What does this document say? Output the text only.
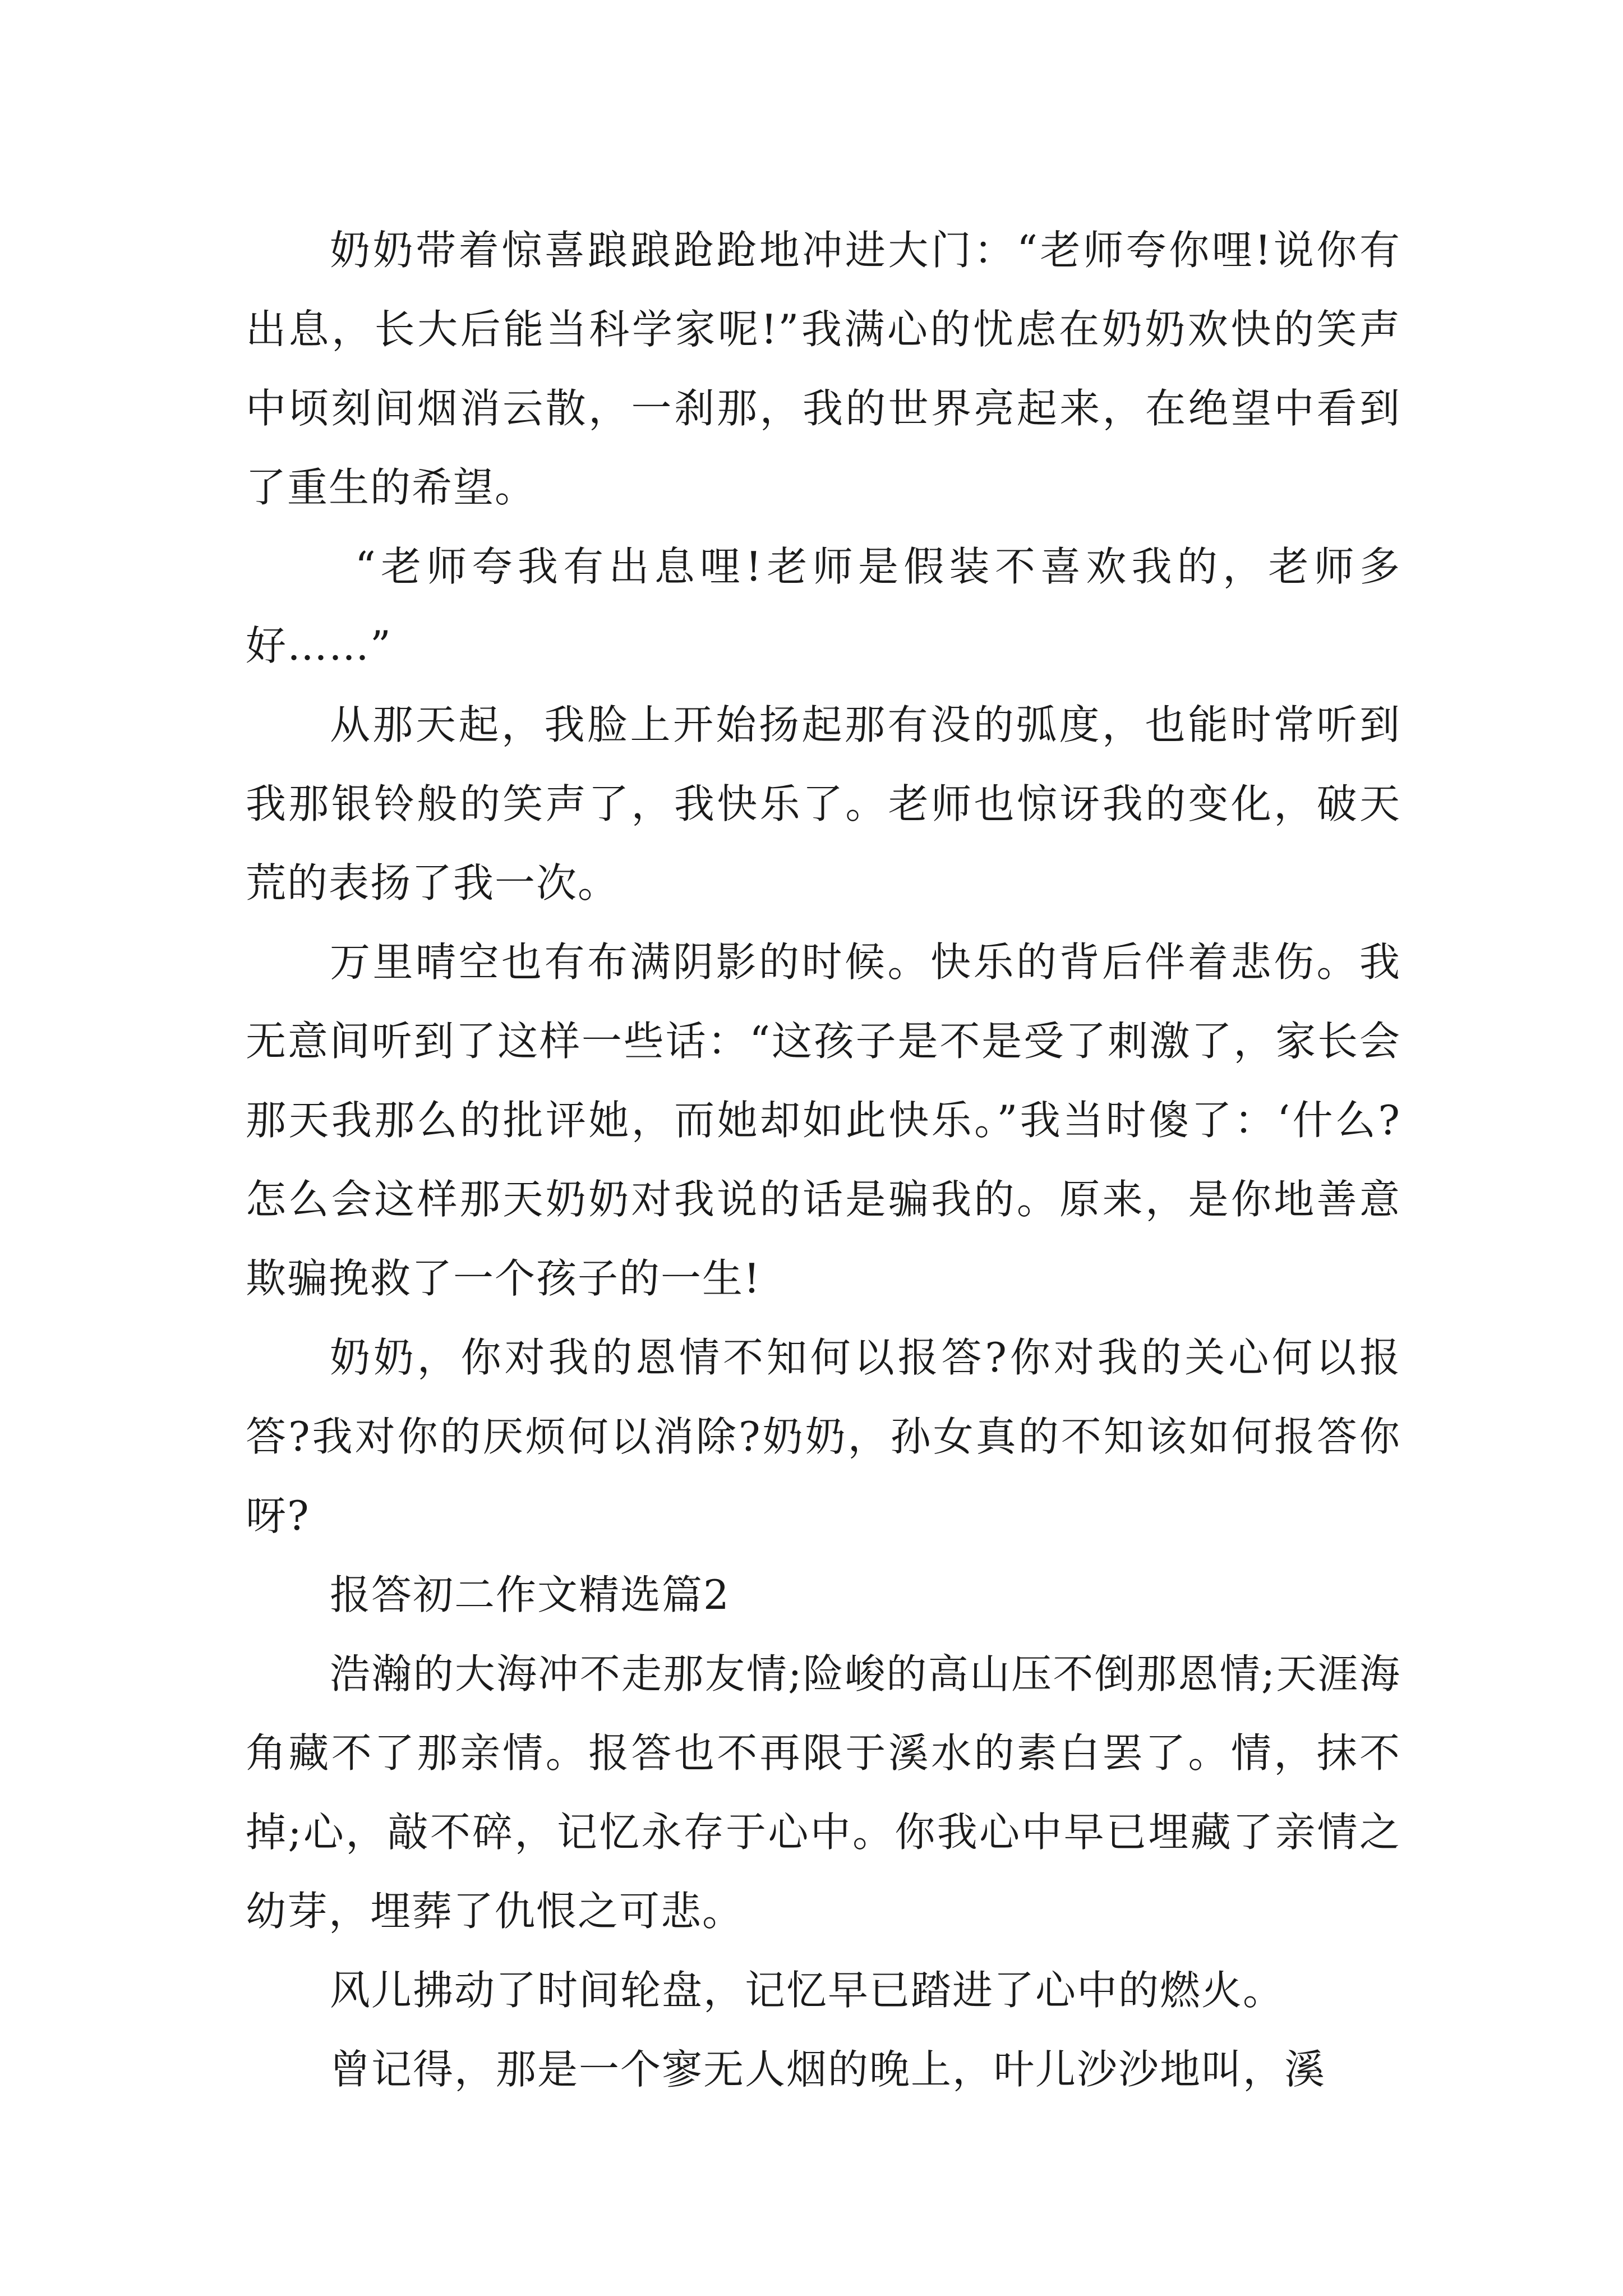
奶奶带着惊喜踉踉跄跄地冲进大门：“老师夸你哩!说你有出息，长大后能当科学家呢!”我满心的忧虑在奶奶欢快的笑声中顷刻间烟消云散，一刹那，我的世界亮起来，在绝望中看到了重生的希望。

“老师夸我有出息哩!老师是假装不喜欢我的，老师多好……”

从那天起，我脸上开始扬起那有没的弧度，也能时常听到我那银铃般的笑声了，我快乐了。老师也惊讶我的变化，破天荒的表扬了我一次。

万里晴空也有布满阴影的时候。快乐的背后伴着悲伤。我无意间听到了这样一些话：“这孩子是不是受了刺激了，家长会那天我那么的批评她，而她却如此快乐。”我当时傻了：‘什么?怎么会这样那天奶奶对我说的话是骗我的。原来，是你地善意欺骗挽救了一个孩子的一生!

奶奶，你对我的恩情不知何以报答?你对我的关心何以报答?我对你的厌烦何以消除?奶奶，孙女真的不知该如何报答你呀?

报答初二作文精选篇2

浩瀚的大海冲不走那友情;险峻的高山压不倒那恩情;天涯海角藏不了那亲情。报答也不再限于溪水的素白罢了。情，抹不掉;心，敲不碎，记忆永存于心中。你我心中早已埋藏了亲情之幼芽，埋葬了仇恨之可悲。

风儿拂动了时间轮盘，记忆早已踏进了心中的燃火。

曾记得，那是一个寥无人烟的晚上，叶儿沙沙地叫，溪
